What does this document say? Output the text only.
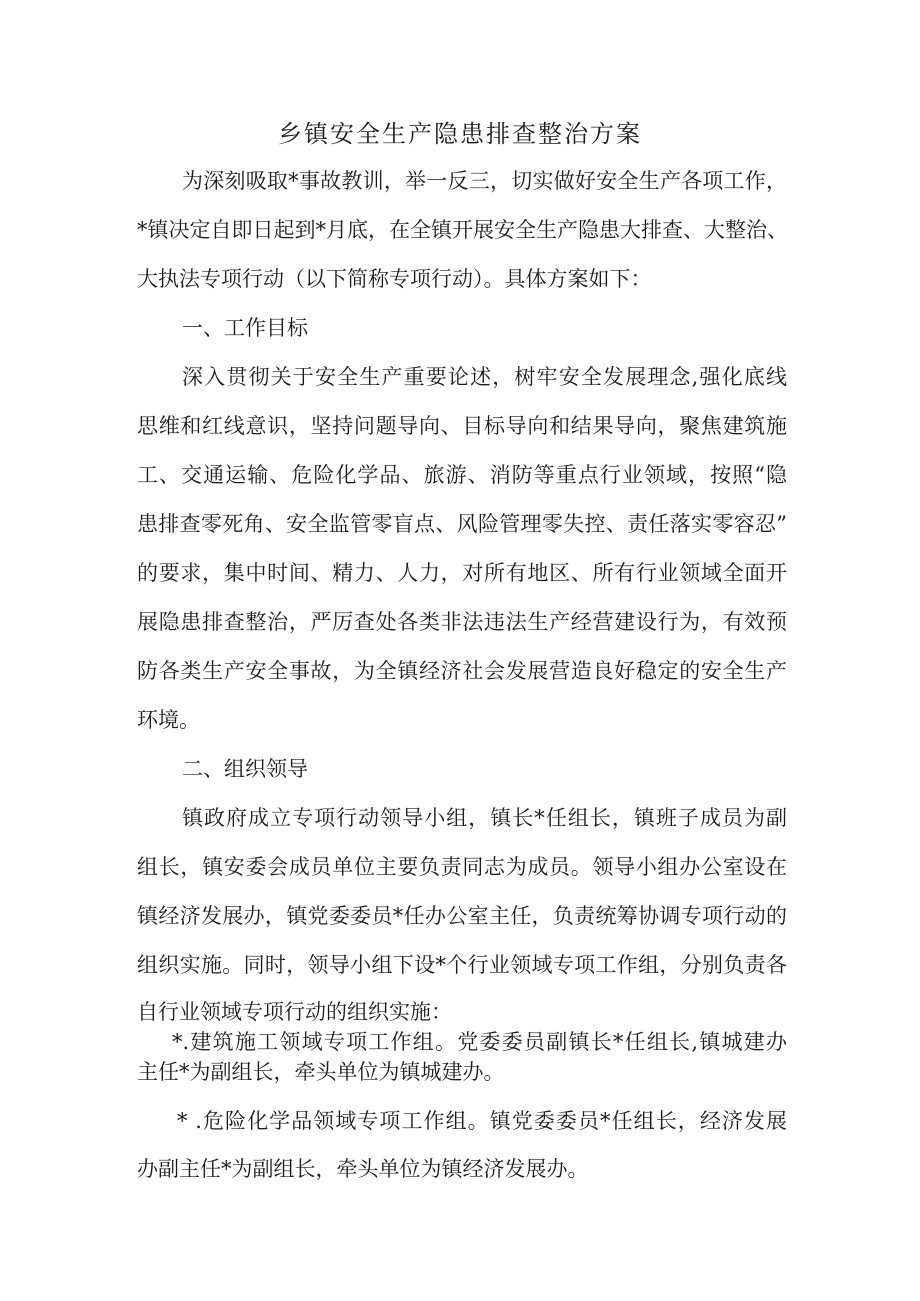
乡镇安全生产隐患排查整治方案
为深刻吸取*事故教训，举一反三，切实做好安全生产各项工作，
*镇决定自即日起到*月底，在全镇开展安全生产隐患大排查、大整治、
大执法专项行动（以下简称专项行动）。具体方案如下：
一、工作目标
深入贯彻关于安全生产重要论述，树牢安全发展理念,强化底线
思维和红线意识，坚持问题导向、目标导向和结果导向，聚焦建筑施
工、交通运输、危险化学品、旅游、消防等重点行业领域，按照“隐
患排查零死角、安全监管零盲点、风险管理零失控、责任落实零容忍”
的要求，集中时间、精力、人力，对所有地区、所有行业领域全面开
展隐患排查整治，严厉查处各类非法违法生产经营建设行为，有效预
防各类生产安全事故，为全镇经济社会发展营造良好稳定的安全生产
环境。
二、组织领导
镇政府成立专项行动领导小组，镇长*任组长，镇班子成员为副
组长，镇安委会成员单位主要负责同志为成员。领导小组办公室设在
镇经济发展办，镇党委委员*任办公室主任，负责统筹协调专项行动的
组织实施。同时，领导小组下设*个行业领域专项工作组，分别负责各
自行业领域专项行动的组织实施：
*.建筑施工领域专项工作组。党委委员副镇长*任组长,镇城建办
主任*为副组长，牵头单位为镇城建办。
* .危险化学品领域专项工作组。镇党委委员*任组长，经济发展
办副主任*为副组长，牵头单位为镇经济发展办。
